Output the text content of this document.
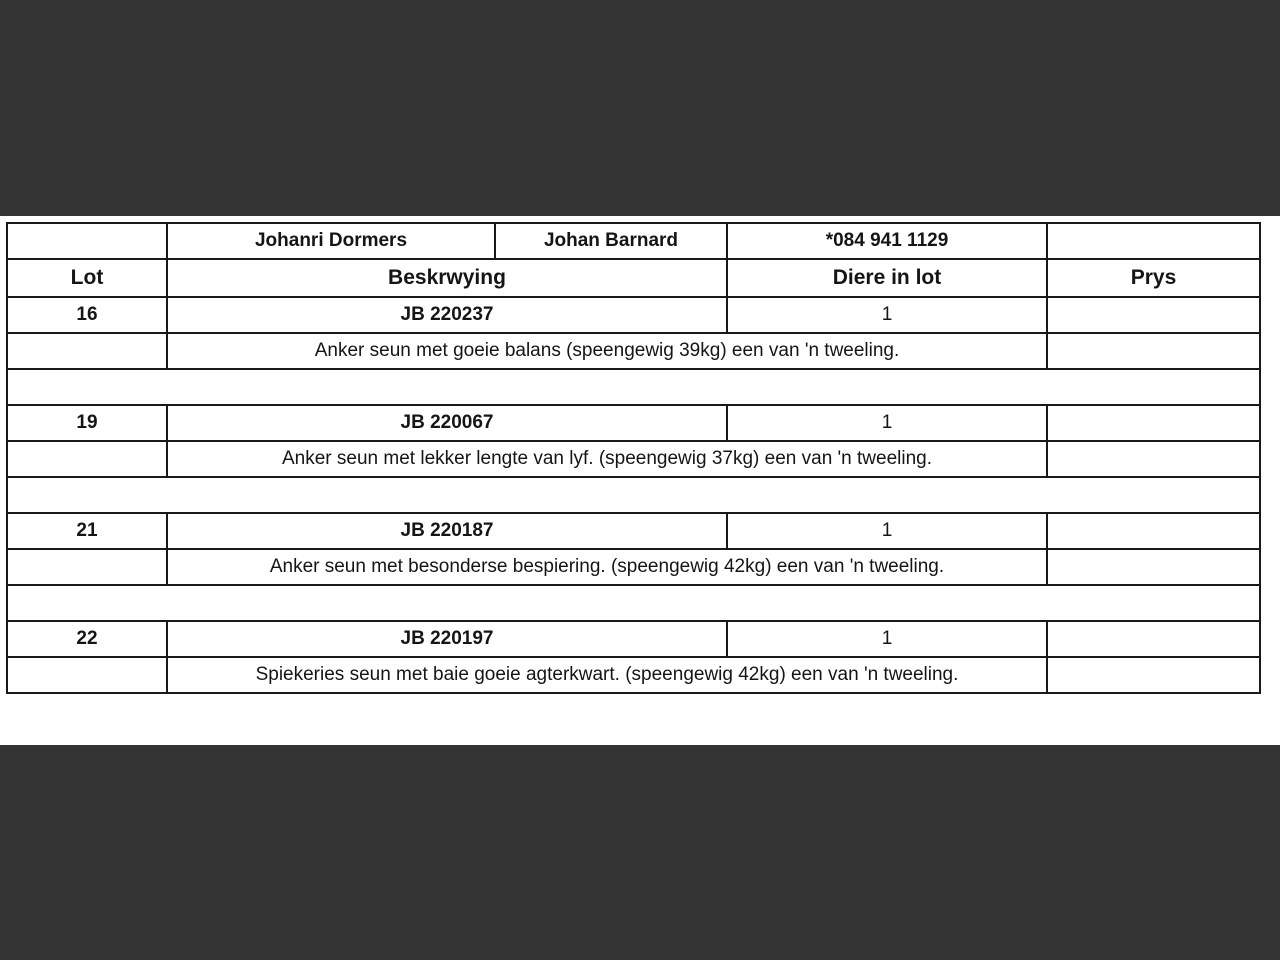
	Johanri Dormers	Johan Barnard	*084 941 1129	
Lot	Beskrwying		Diere in lot	Prys
16	JB 220237		1	
	Anker seun met goeie balans (speengewig 39kg) een van 'n tweeling.			

19	JB 220067		1	
	Anker seun met lekker lengte van lyf. (speengewig 37kg) een van 'n tweeling.			

21	JB 220187		1	
	Anker seun met besonderse bespiering. (speengewig 42kg) een van 'n tweeling.			

22	JB 220197		1	
	Spiekeries seun met baie goeie agterkwart. (speengewig 42kg) een van 'n tweeling.			
